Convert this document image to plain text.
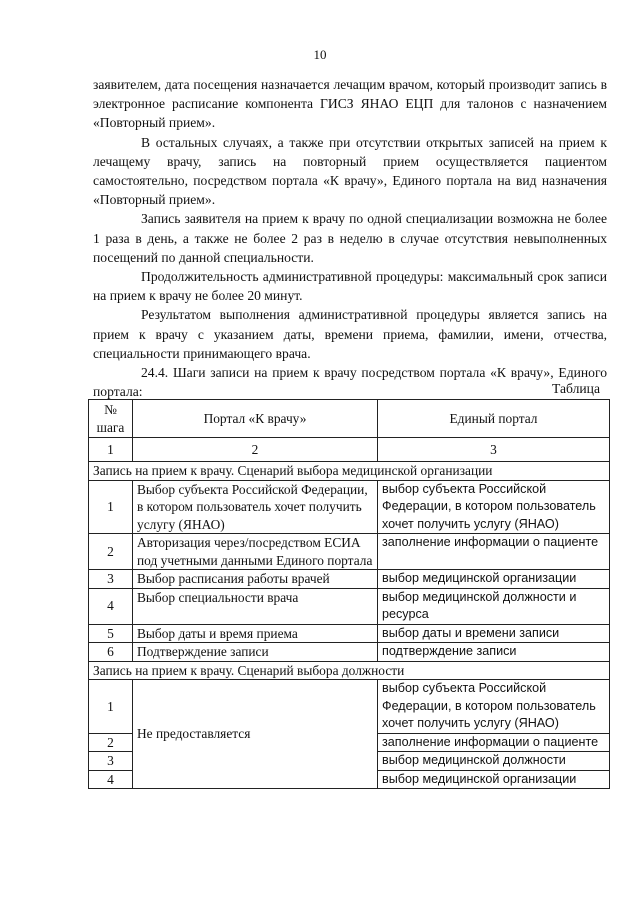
10

заявителем, дата посещения назначается лечащим врачом, который производит запись в электронное расписание компонента ГИСЗ ЯНАО ЕЦП для талонов с назначением «Повторный прием».

В остальных случаях, а также при отсутствии открытых записей на прием к лечащему врачу, запись на повторный прием осуществляется пациентом самостоятельно, посредством портала «К врачу», Единого портала на вид назначения «Повторный прием».

Запись заявителя на прием к врачу по одной специализации возможна не более 1 раза в день, а также не более 2 раз в неделю в случае отсутствия невыполненных посещений по данной специальности.

Продолжительность административной процедуры: максимальный срок записи на прием к врачу не более 20 минут.

Результатом выполнения административной процедуры является запись на прием к врачу с указанием даты, времени приема, фамилии, имени, отчества, специальности принимающего врача.

24.4. Шаги записи на прием к врачу посредством портала «К врачу», Единого портала:	Таблица
№ шага	Портал «К врачу»	Единый портал
1	2	3
Запись на прием к врачу. Сценарий выбора медицинской организации		
1	Выбор субъекта Российской Федерации, в котором пользователь хочет получить услугу (ЯНАО)	выбор субъекта Российской Федерации, в котором пользователь хочет получить услугу (ЯНАО)
2	Авторизация через/посредством ЕСИА под учетными данными Единого портала	заполнение информации о пациенте
3	Выбор расписания работы врачей	выбор медицинской организации
4	Выбор специальности врача	выбор медицинской должности и ресурса
5	Выбор даты и время приема	выбор даты и времени записи
6	Подтверждение записи	подтверждение записи
Запись на прием к врачу. Сценарий выбора должности		
1	Не предоставляется	выбор субъекта Российской Федерации, в котором пользователь хочет получить услугу (ЯНАО)
2		заполнение информации о пациенте
3		выбор медицинской должности
4		выбор медицинской организации
